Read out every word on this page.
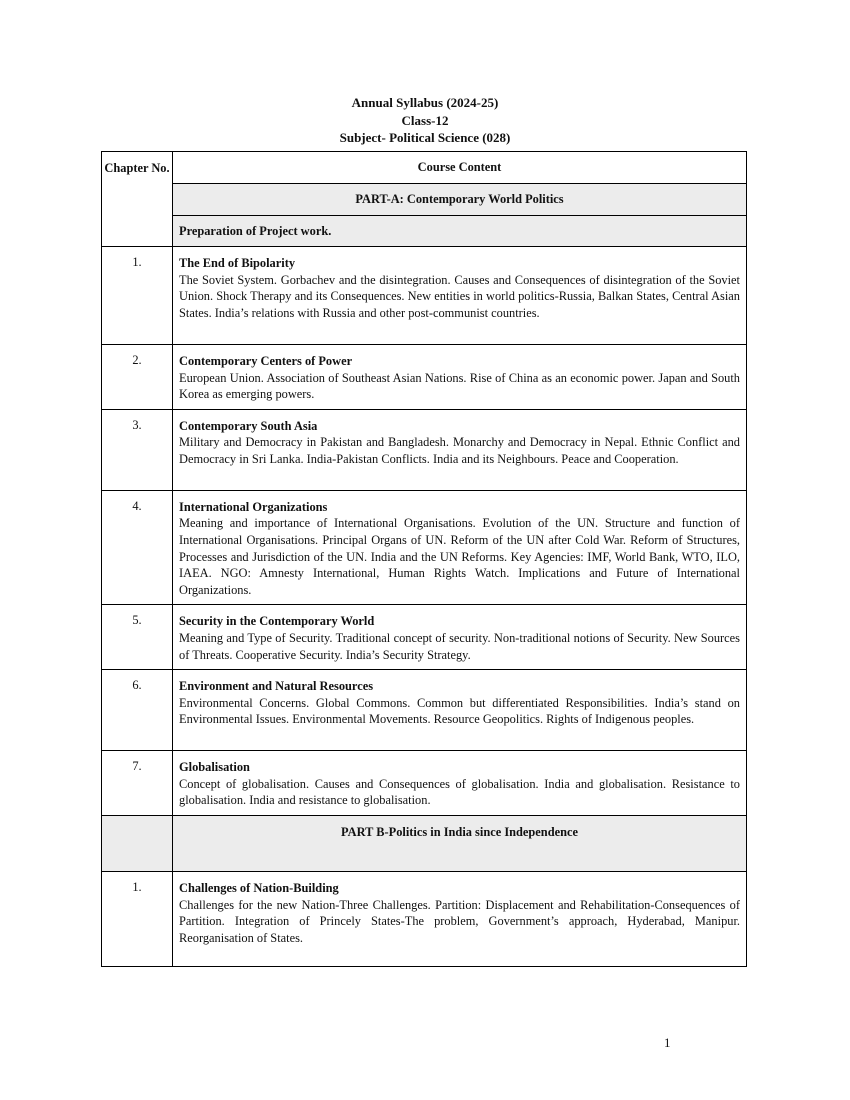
Annual Syllabus (2024-25)
Class-12
Subject- Political Science (028)
Chapter No.	Course Content
	PART-A: Contemporary World Politics
	Preparation of Project work.
1.	The End of Bipolarity
The Soviet System. Gorbachev and the disintegration. Causes and Consequences of disintegration of the Soviet Union. Shock Therapy and its Consequences. New entities in world politics-Russia, Balkan States, Central Asian States. India’s relations with Russia and other post-communist countries.

2.	Contemporary Centers of Power
European Union. Association of Southeast Asian Nations. Rise of China as an economic power. Japan and South Korea as emerging powers.

3.	Contemporary South Asia
Military and Democracy in Pakistan and Bangladesh. Monarchy and Democracy in Nepal. Ethnic Conflict and Democracy in Sri Lanka. India-Pakistan Conflicts. India and its Neighbours. Peace and Cooperation.

4.	International Organizations
Meaning and importance of International Organisations. Evolution of the UN. Structure and function of International Organisations. Principal Organs of UN. Reform of the UN after Cold War. Reform of Structures, Processes and Jurisdiction of the UN. India and the UN Reforms. Key Agencies: IMF, World Bank, WTO, ILO, IAEA. NGO: Amnesty International, Human Rights Watch. Implications and Future of International Organizations.

5.	Security in the Contemporary World
Meaning and Type of Security. Traditional concept of security. Non-traditional notions of Security. New Sources of Threats. Cooperative Security. India’s Security Strategy.

6.	Environment and Natural Resources
Environmental Concerns. Global Commons. Common but differentiated Responsibilities. India’s stand on Environmental Issues. Environmental Movements. Resource Geopolitics. Rights of Indigenous peoples.

7.	Globalisation
Concept of globalisation. Causes and Consequences of globalisation. India and globalisation. Resistance to globalisation. India and resistance to globalisation.

	PART B-Politics in India since Independence
1.	Challenges of Nation-Building
Challenges for the new Nation-Three Challenges. Partition: Displacement and Rehabilitation-Consequences of Partition. Integration of Princely States-The problem, Government’s approach, Hyderabad, Manipur. Reorganisation of States.
1
